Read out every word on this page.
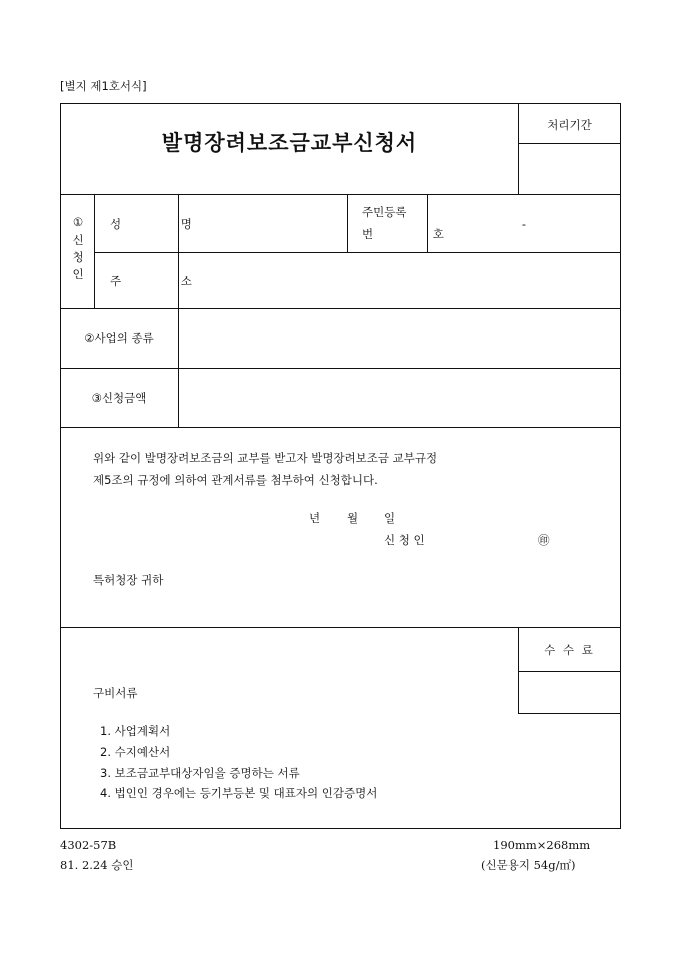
[별지 제1호서식]
발명장려보조금교부신청서
처리기간
①
신청인
성 명
주민등록
번 호
-
주 소
②사업의 종류
③신청금액
위와 같이 발명장려보조금의 교부를 받고자 발명장려보조금 교부규정
제5조의 규정에 의하여 관계서류를 첨부하여 신청합니다.
년 월 일
신 청 인	㊞
특허청장 귀하
수 수 료
구비서류
1. 사업계획서
2. 수지예산서
3. 보조금교부대상자임을 증명하는 서류
4. 법인인 경우에는 등기부등본 및 대표자의 인감증명서
4302-57B
81. 2.24 승인
190mm×268mm
(신문용지 54g/㎡)
